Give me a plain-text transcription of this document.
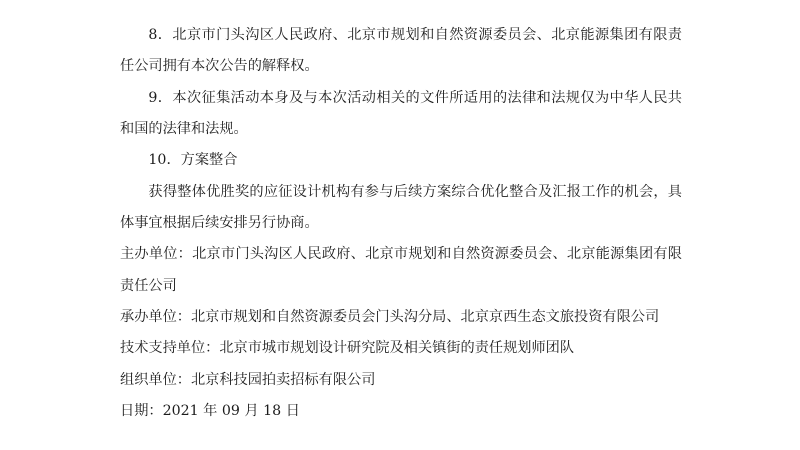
8．北京市门头沟区人民政府、北京市规划和自然资源委员会、北京能源集团有限责任公司拥有本次公告的解释权。

9．本次征集活动本身及与本次活动相关的文件所适用的法律和法规仅为中华人民共和国的法律和法规。

10．方案整合

获得整体优胜奖的应征设计机构有参与后续方案综合优化整合及汇报工作的机会，具体事宜根据后续安排另行协商。

主办单位：北京市门头沟区人民政府、北京市规划和自然资源委员会、北京能源集团有限责任公司

承办单位：北京市规划和自然资源委员会门头沟分局、北京京西生态文旅投资有限公司

技术支持单位：北京市城市规划设计研究院及相关镇街的责任规划师团队

组织单位：北京科技园拍卖招标有限公司

日期：2021 年 09 月 18 日
